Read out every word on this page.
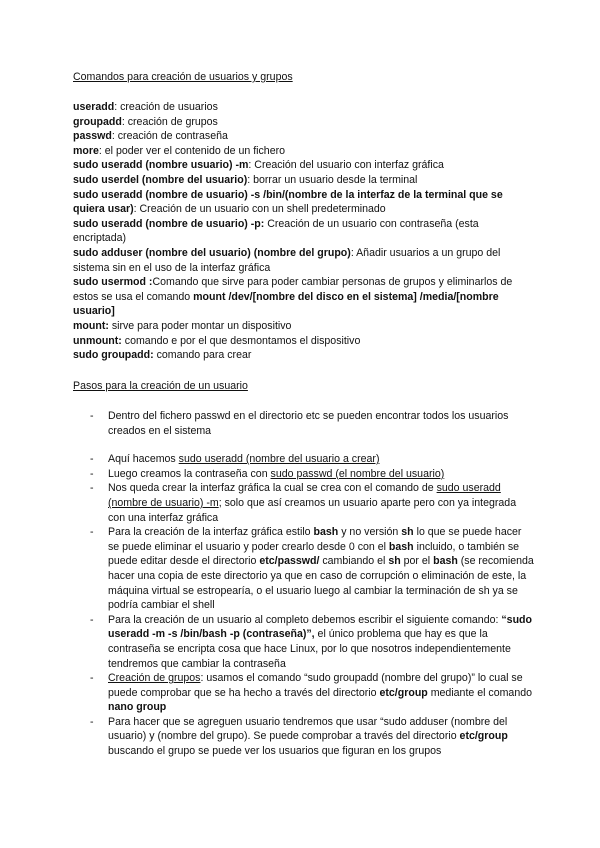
Comandos para creación de usuarios y grupos

useradd: creación de usuarios

groupadd: creación de grupos

passwd: creación de contraseña

more: el poder ver el contenido de un fichero

sudo useradd (nombre usuario) -m: Creación del usuario con interfaz gráfica

sudo userdel (nombre del usuario): borrar un usuario desde la terminal

sudo useradd (nombre de usuario) -s /bin/(nombre de la interfaz de la terminal que se quiera usar): Creación de un usuario con un shell predeterminado

sudo useradd (nombre de usuario) -p: Creación de un usuario con contraseña (esta encriptada)

sudo adduser (nombre del usuario) (nombre del grupo): Añadir usuarios a un grupo del sistema sin en el uso de la interfaz gráfica

sudo usermod :Comando que sirve para poder cambiar personas de grupos y eliminarlos de estos se usa el comando mount /dev/[nombre del disco en el sistema] /media/[nombre usuario]

mount: sirve para poder montar un dispositivo

unmount: comando e por el que desmontamos el dispositivo

sudo groupadd: comando para crear

Pasos para la creación de un usuario

- Dentro del fichero passwd en el directorio etc se pueden encontrar todos los usuarios creados en el sistema

- Aquí hacemos sudo useradd (nombre del usuario a crear)

- Luego creamos la contraseña con sudo passwd (el nombre del usuario)

- Nos queda crear la interfaz gráfica la cual se crea con el comando de sudo useradd (nombre de usuario) -m; solo que así creamos un usuario aparte pero con ya integrada con una interfaz gráfica

- Para la creación de la interfaz gráfica estilo bash y no versión sh lo que se puede hacer se puede eliminar el usuario y poder crearlo desde 0 con el bash incluido, o también se puede editar desde el directorio etc/passwd/ cambiando el sh por el bash (se recomienda hacer una copia de este directorio ya que en caso de corrupción o eliminación de este, la máquina virtual se estropearía, o el usuario luego al cambiar la terminación de sh ya se podría cambiar el shell

- Para la creación de un usuario al completo debemos escribir el siguiente comando: “sudo useradd -m -s /bin/bash -p (contraseña)”, el único problema que hay es que la contraseña se encripta cosa que hace Linux, por lo que nosotros independientemente tendremos que cambiar la contraseña

- Creación de grupos: usamos el comando “sudo groupadd (nombre del grupo)” lo cual se puede comprobar que se ha hecho a través del directorio etc/group mediante el comando nano group

- Para hacer que se agreguen usuario tendremos que usar “sudo adduser (nombre del usuario) y (nombre del grupo). Se puede comprobar a través del directorio etc/group buscando el grupo se puede ver los usuarios que figuran en los grupos
